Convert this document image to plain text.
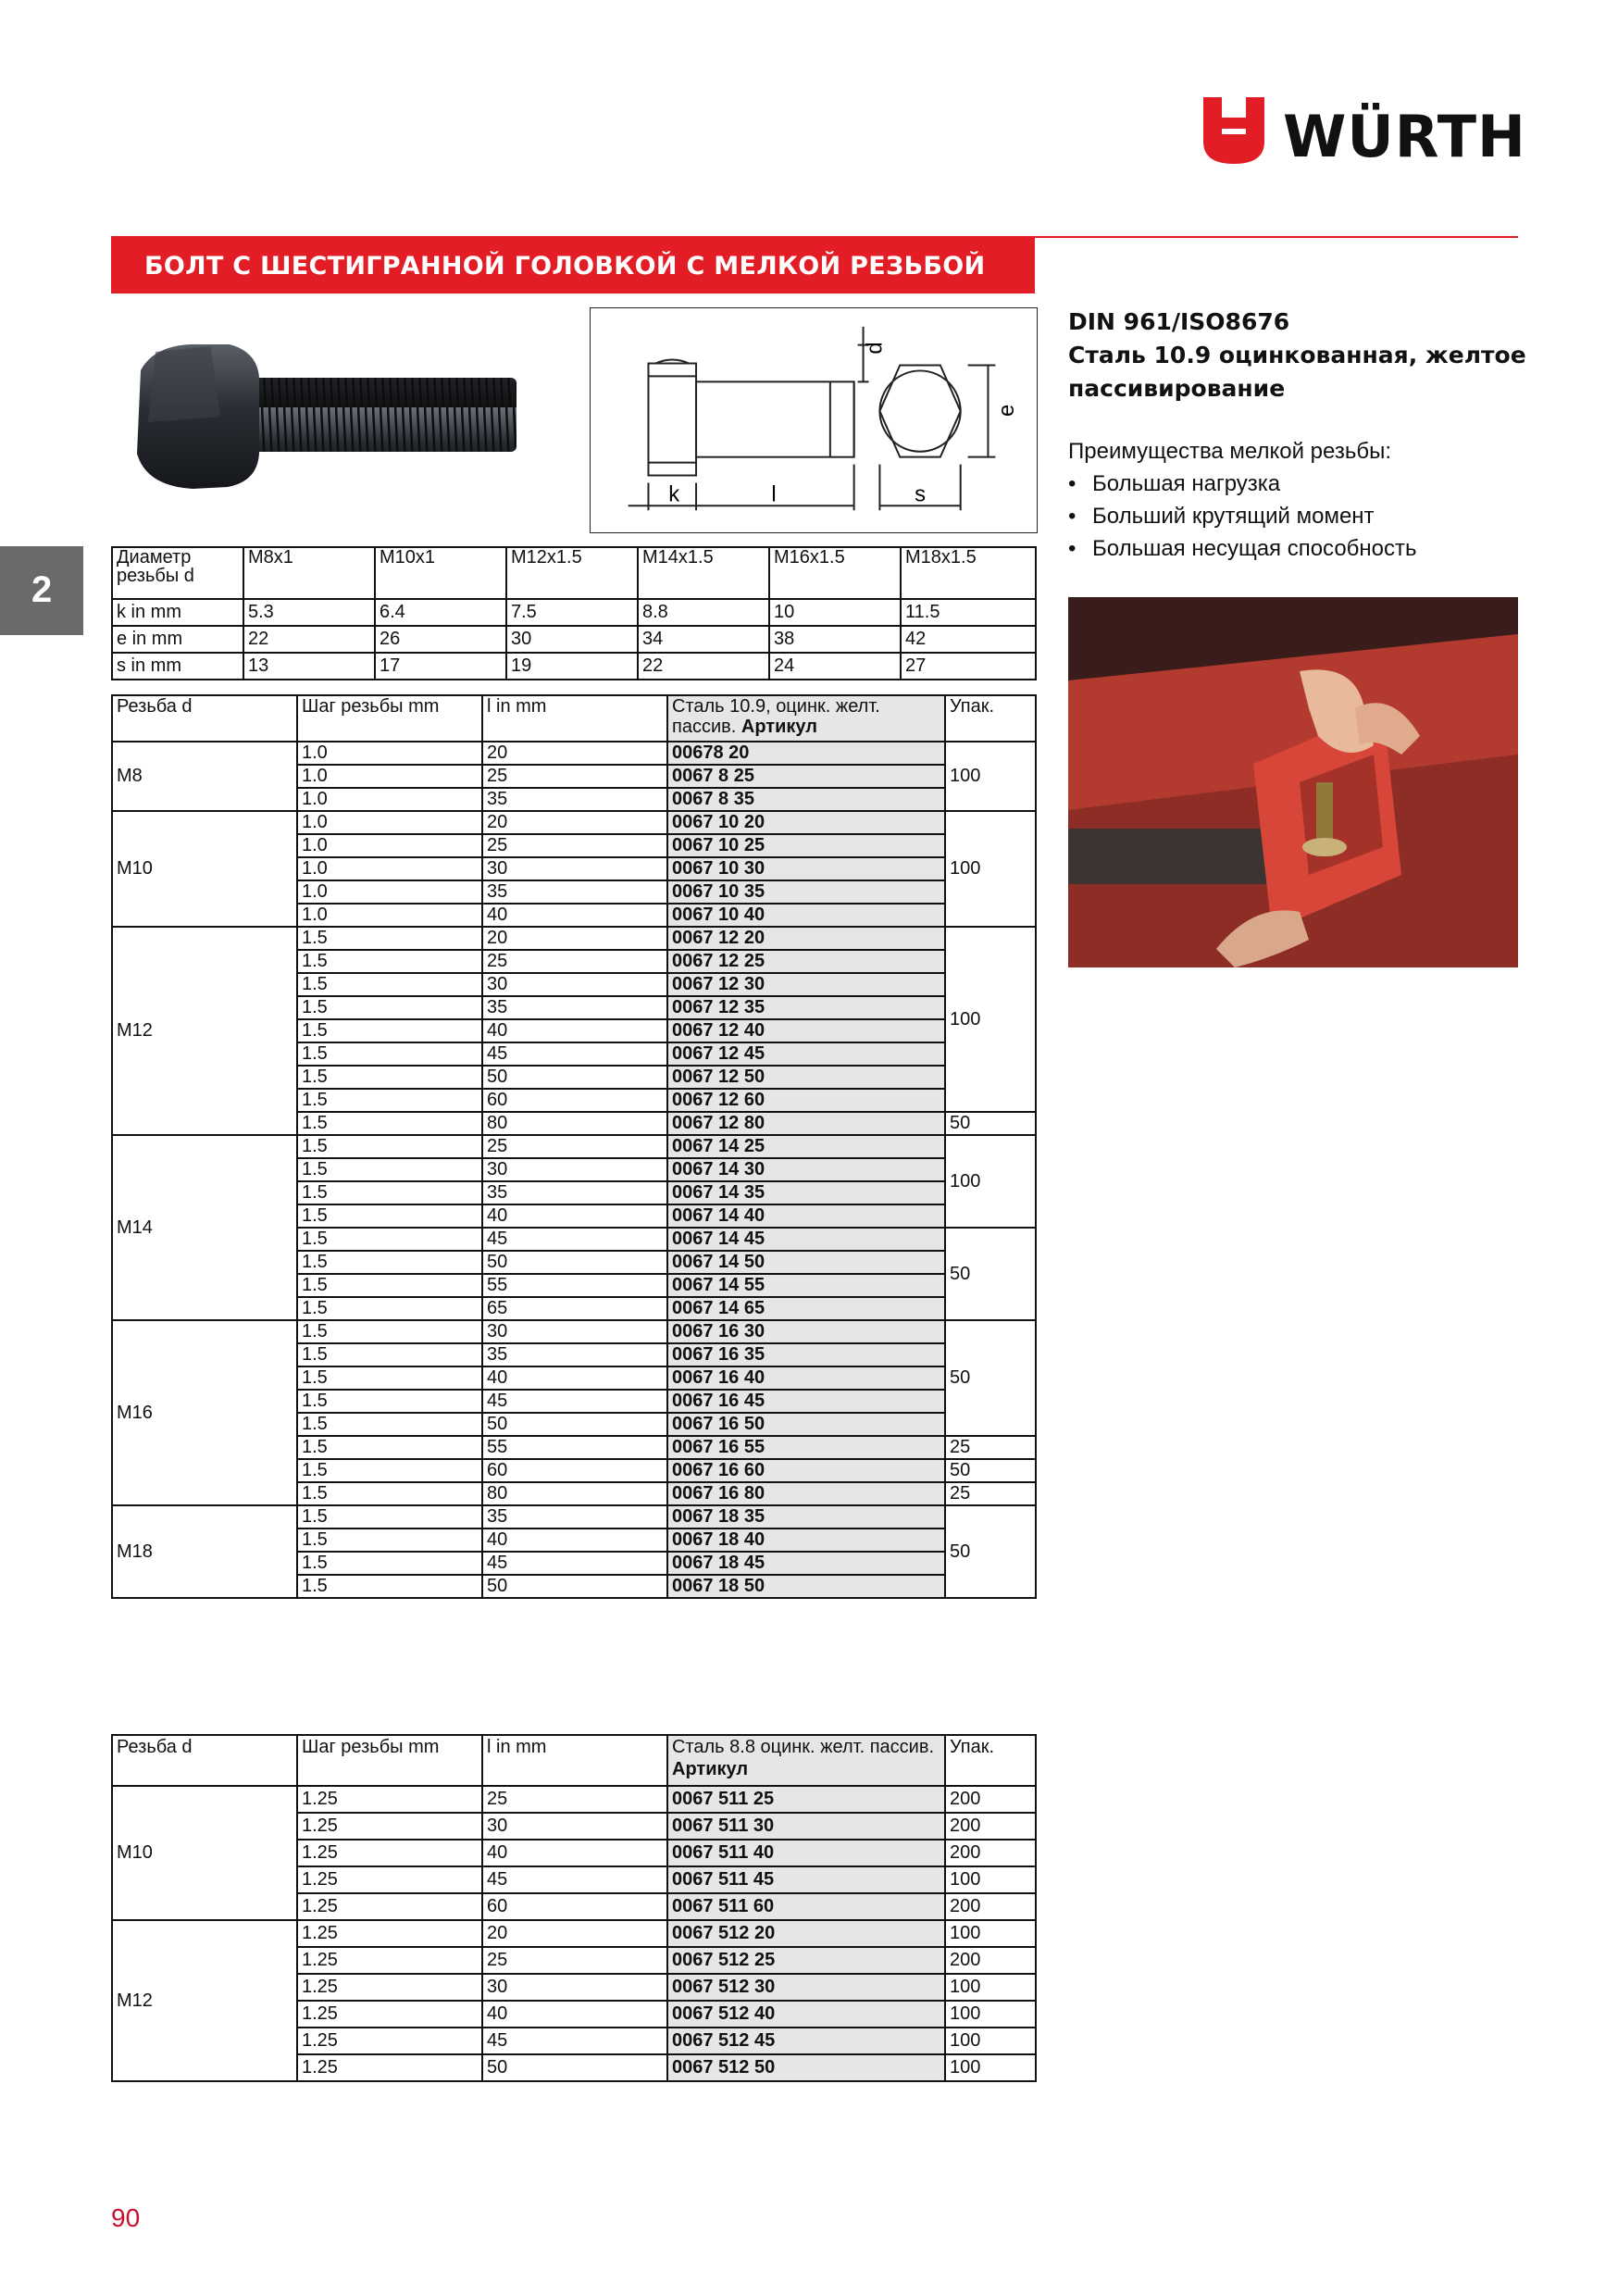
WÜRTH
БОЛТ С ШЕСТИГРАННОЙ ГОЛОВКОЙ С МЕЛКОЙ РЕЗЬБОЙ
2
k	l	s
d
e
DIN 961/ISO8676
Сталь 10.9 оцинкованная, желтое
пассивирование
Преимущества мелкой резьбы:
• Большая нагрузка
• Больший крутящий момент
• Большая несущая способность
Диаметр резьбы d	M8x1	M10x1	M12x1.5	M14x1.5	M16x1.5	M18x1.5
k in mm	5.3	6.4	7.5	8.8	10	11.5
e in mm	22	26	30	34	38	42
s in mm	13	17	19	22	24	27
Резьба d	Шаг резьбы mm	l in mm	Сталь 10.9, оцинк. желт. пассив. Артикул	Упак.
M8	1.0	20	00678 20	100
	1.0	25	0067 8 25	
	1.0	35	0067 8 35	
M10	1.0	20	0067 10 20	100
	1.0	25	0067 10 25	
	1.0	30	0067 10 30	
	1.0	35	0067 10 35	
	1.0	40	0067 10 40	
M12	1.5	20	0067 12 20	100
	1.5	25	0067 12 25	
	1.5	30	0067 12 30	
	1.5	35	0067 12 35	
	1.5	40	0067 12 40	
	1.5	45	0067 12 45	
	1.5	50	0067 12 50	
	1.5	60	0067 12 60	
	1.5	80	0067 12 80	50
M14	1.5	25	0067 14 25	100
	1.5	30	0067 14 30	
	1.5	35	0067 14 35	
	1.5	40	0067 14 40	
	1.5	45	0067 14 45	50
	1.5	50	0067 14 50	
	1.5	55	0067 14 55	
	1.5	65	0067 14 65	
M16	1.5	30	0067 16 30	50
	1.5	35	0067 16 35	
	1.5	40	0067 16 40	
	1.5	45	0067 16 45	
	1.5	50	0067 16 50	
	1.5	55	0067 16 55	25
	1.5	60	0067 16 60	50
	1.5	80	0067 16 80	25
M18	1.5	35	0067 18 35	50
	1.5	40	0067 18 40	
	1.5	45	0067 18 45	
	1.5	50	0067 18 50	
Резьба d	Шаг резьбы mm	l in mm	Сталь 8.8 оцинк. желт. пассив. Артикул	Упак.
M10	1.25	25	0067 511 25	200
	1.25	30	0067 511 30	200
	1.25	40	0067 511 40	200
	1.25	45	0067 511 45	100
	1.25	60	0067 511 60	200
M12	1.25	20	0067 512 20	100
	1.25	25	0067 512 25	200
	1.25	30	0067 512 30	100
	1.25	40	0067 512 40	100
	1.25	45	0067 512 45	100
	1.25	50	0067 512 50	100
90
